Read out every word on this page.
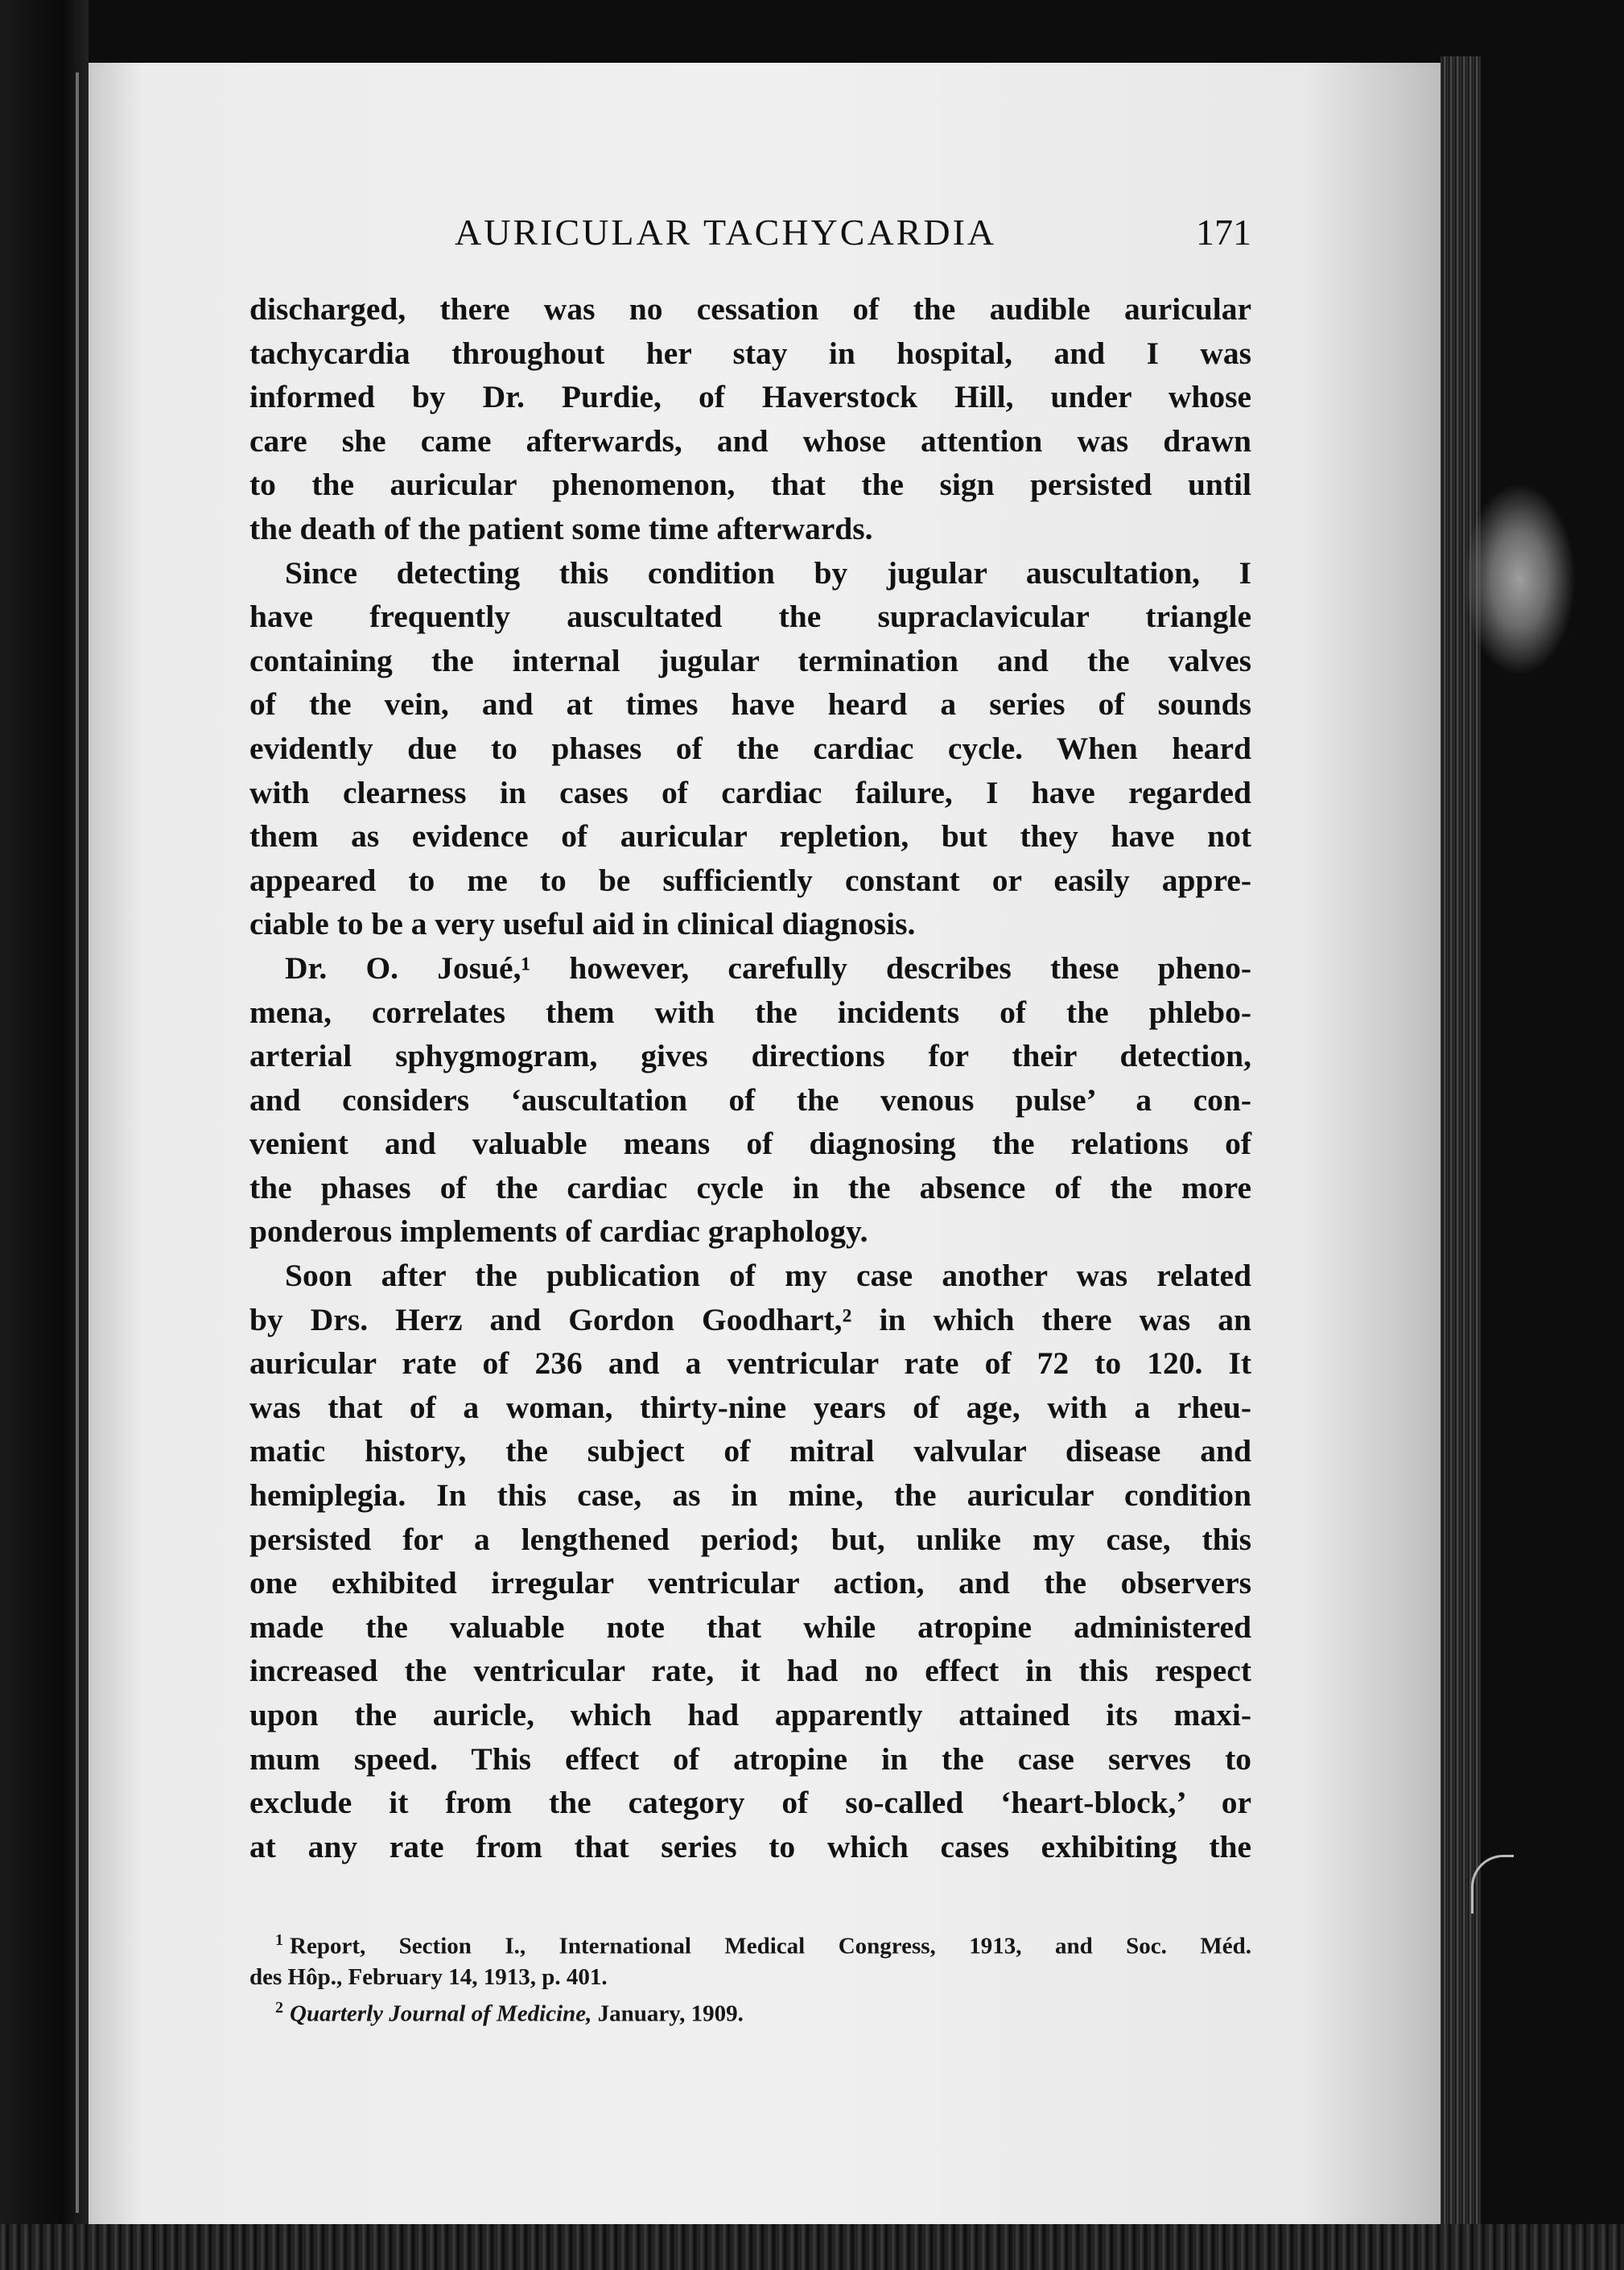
AURICULAR TACHYCARDIA	171
discharged, there was no cessation of the audible auricular
tachycardia throughout her stay in hospital, and I was
informed by Dr. Purdie, of Haverstock Hill, under whose
care she came afterwards, and whose attention was drawn
to the auricular phenomenon, that the sign persisted until
the death of the patient some time afterwards.
Since detecting this condition by jugular auscultation, I
have frequently auscultated the supraclavicular triangle
containing the internal jugular termination and the valves
of the vein, and at times have heard a series of sounds
evidently due to phases of the cardiac cycle. When heard
with clearness in cases of cardiac failure, I have regarded
them as evidence of auricular repletion, but they have not
appeared to me to be sufficiently constant or easily appre-
ciable to be a very useful aid in clinical diagnosis.
Dr. O. Josué,¹ however, carefully describes these pheno-
mena, correlates them with the incidents of the phlebo-
arterial sphygmogram, gives directions for their detection,
and considers ‘auscultation of the venous pulse’ a con-
venient and valuable means of diagnosing the relations of
the phases of the cardiac cycle in the absence of the more
ponderous implements of cardiac graphology.
Soon after the publication of my case another was related
by Drs. Herz and Gordon Goodhart,² in which there was an
auricular rate of 236 and a ventricular rate of 72 to 120. It
was that of a woman, thirty-nine years of age, with a rheu-
matic history, the subject of mitral valvular disease and
hemiplegia. In this case, as in mine, the auricular condition
persisted for a lengthened period; but, unlike my case, this
one exhibited irregular ventricular action, and the observers
made the valuable note that while atropine administered
increased the ventricular rate, it had no effect in this respect
upon the auricle, which had apparently attained its maxi-
mum speed. This effect of atropine in the case serves to
exclude it from the category of so-called ‘heart-block,’ or
at any rate from that series to which cases exhibiting the
$^1$ Report, Section I., International Medical Congress, 1913, and Soc. Méd.
des Hôp., February 14, 1913, p. 401.
$^2$ Quarterly Journal of Medicine, January, 1909.
